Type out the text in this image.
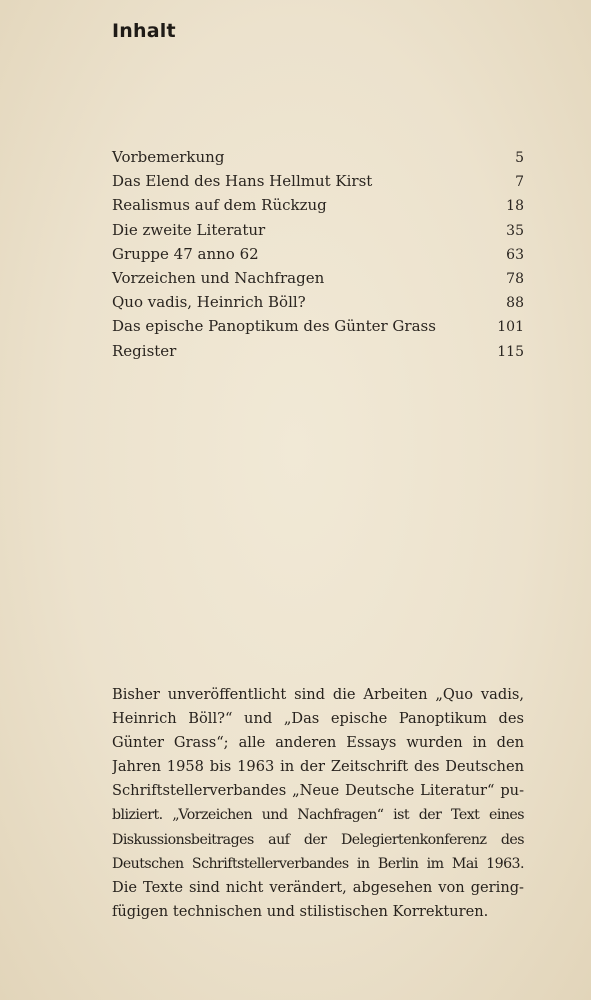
Inhalt
Vorbemerkung	5
Das Elend des Hans Hellmut Kirst	7
Realismus auf dem Rückzug	18
Die zweite Literatur	35
Gruppe 47 anno 62	63
Vorzeichen und Nachfragen	78
Quo vadis, Heinrich Böll?	88
Das epische Panoptikum des Günter Grass	101
Register	115
Bisher unveröffentlicht sind die Arbeiten „Quo vadis,
Heinrich Böll?“ und „Das epische Panoptikum des
Günter Grass“; alle anderen Essays wurden in den
Jahren 1958 bis 1963 in der Zeitschrift des Deutschen
Schriftstellerverbandes „Neue Deutsche Literatur“ pu-
bliziert. „Vorzeichen und Nachfragen“ ist der Text eines
Diskussionsbeitrages auf der Delegiertenkonferenz des
Deutschen Schriftstellerverbandes in Berlin im Mai 1963.
Die Texte sind nicht verändert, abgesehen von gering-
fügigen technischen und stilistischen Korrekturen.
